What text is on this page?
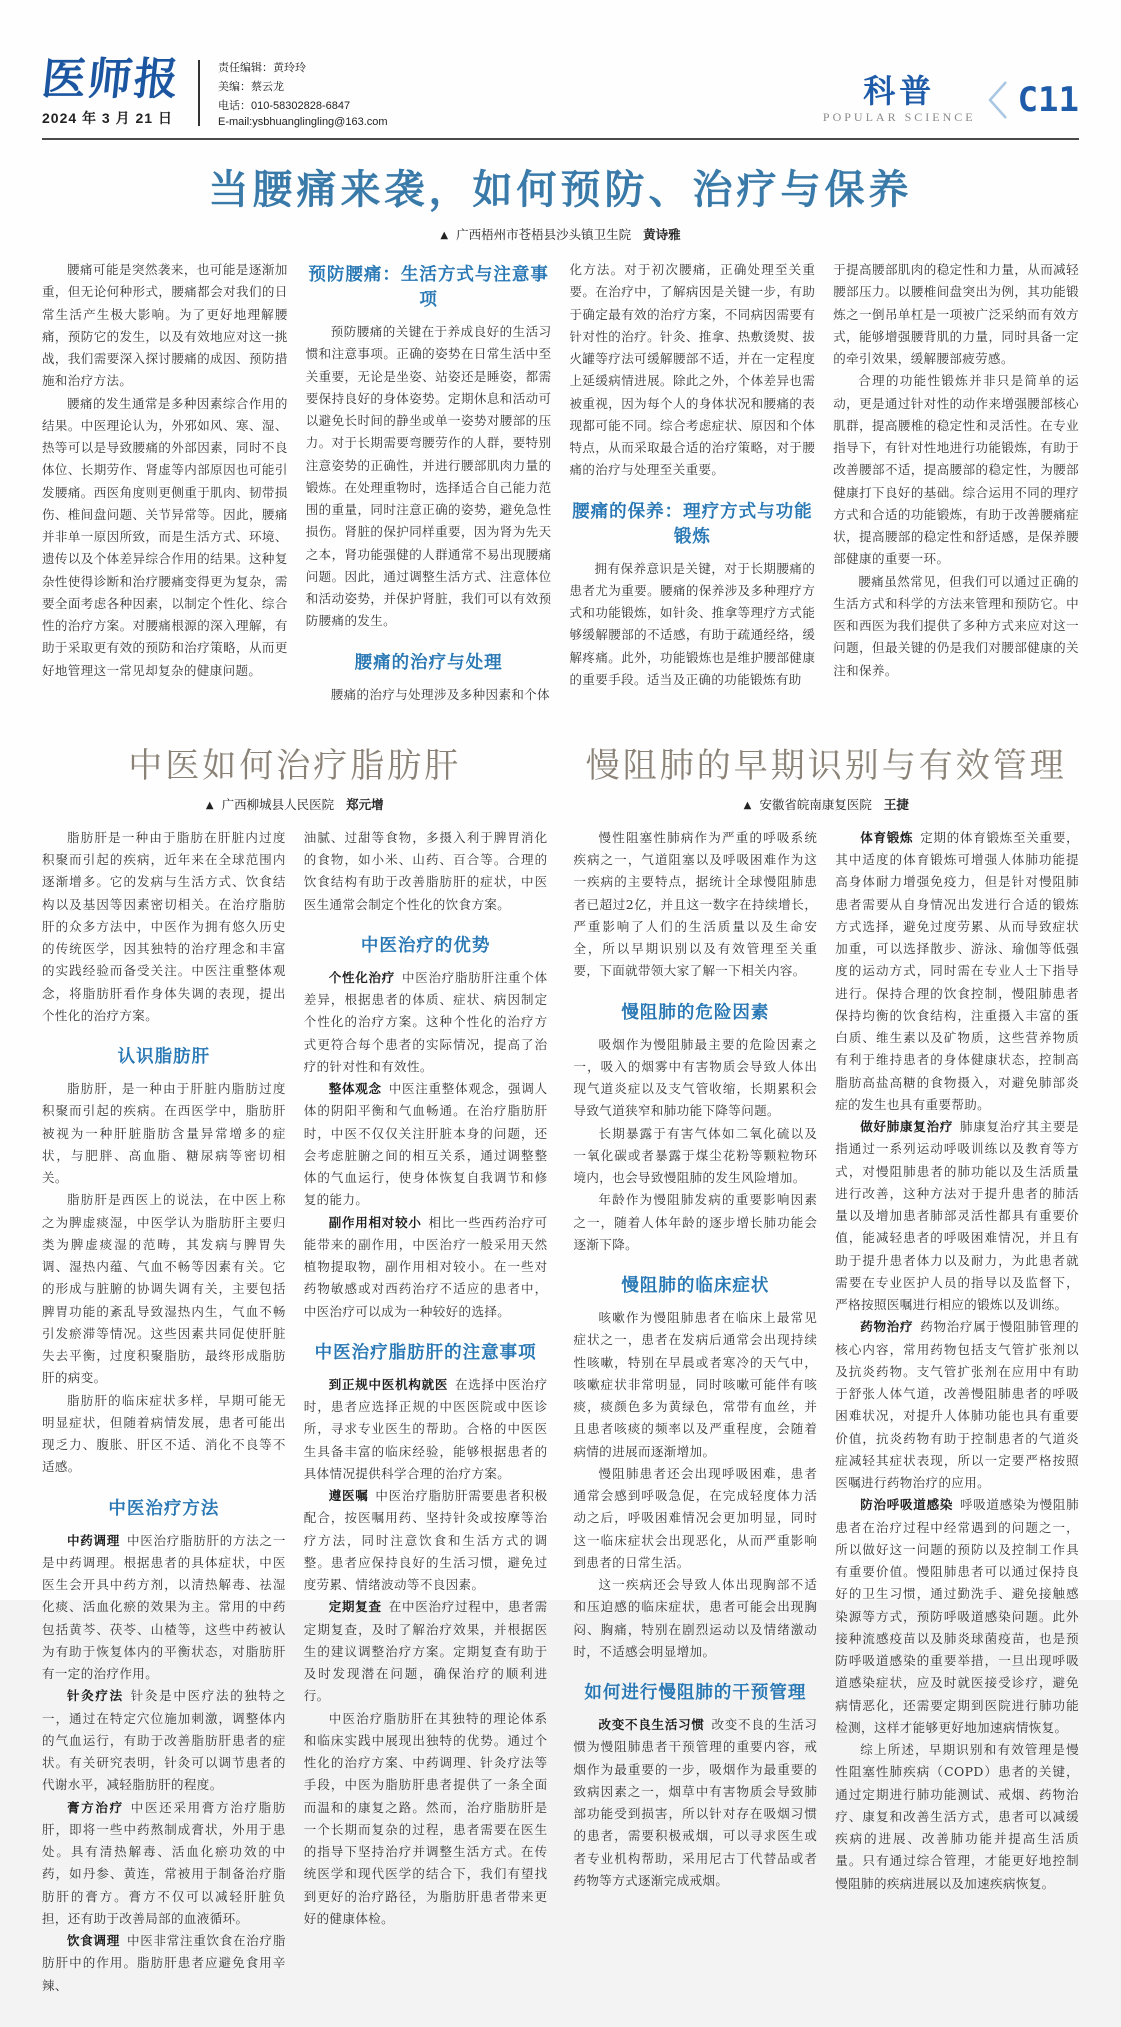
医师报
2024 年 3 月 21 日
责任编辑：黄玲玲
美编：蔡云龙
电话：010-58302828-6847
E-mail:ysbhuanglingling@163.com
科普
POPULAR SCIENCE C11
当腰痛来袭，如何预防、治疗与保养
▲ 广西梧州市苍梧县沙头镇卫生院 黄诗雅

腰痛可能是突然袭来，也可能是逐渐加重，但无论何种形式，腰痛都会对我们的日常生活产生极大影响。为了更好地理解腰痛，预防它的发生，以及有效地应对这一挑战，我们需要深入探讨腰痛的成因、预防措施和治疗方法。

腰痛的发生通常是多种因素综合作用的结果。中医理论认为，外邪如风、寒、湿、热等可以是导致腰痛的外部因素，同时不良体位、长期劳作、肾虚等内部原因也可能引发腰痛。西医角度则更侧重于肌肉、韧带损伤、椎间盘问题、关节异常等。因此，腰痛并非单一原因所致，而是生活方式、环境、遗传以及个体差异综合作用的结果。这种复杂性使得诊断和治疗腰痛变得更为复杂，需要全面考虑各种因素，以制定个性化、综合性的治疗方案。对腰痛根源的深入理解，有助于采取更有效的预防和治疗策略，从而更好地管理这一常见却复杂的健康问题。

预防腰痛：生活方式与注意事项

预防腰痛的关键在于养成良好的生活习惯和注意事项。正确的姿势在日常生活中至关重要，无论是坐姿、站姿还是睡姿，都需要保持良好的身体姿势。定期休息和活动可以避免长时间的静坐或单一姿势对腰部的压力。对于长期需要弯腰劳作的人群，要特别注意姿势的正确性，并进行腰部肌肉力量的锻炼。在处理重物时，选择适合自己能力范围的重量，同时注意正确的姿势，避免急性损伤。肾脏的保护同样重要，因为肾为先天之本，肾功能强健的人群通常不易出现腰痛问题。因此，通过调整生活方式、注意体位和活动姿势，并保护肾脏，我们可以有效预防腰痛的发生。

腰痛的治疗与处理

腰痛的治疗与处理涉及多种因素和个体

化方法。对于初次腰痛，正确处理至关重要。在治疗中，了解病因是关键一步，有助于确定最有效的治疗方案，不同病因需要有针对性的治疗。针灸、推拿、热敷烫熨、拔火罐等疗法可缓解腰部不适，并在一定程度上延缓病情进展。除此之外，个体差异也需被重视，因为每个人的身体状况和腰痛的表现都可能不同。综合考虑症状、原因和个体特点，从而采取最合适的治疗策略，对于腰痛的治疗与处理至关重要。

腰痛的保养：理疗方式与功能锻炼

拥有保养意识是关键，对于长期腰痛的患者尤为重要。腰痛的保养涉及多种理疗方式和功能锻炼，如针灸、推拿等理疗方式能够缓解腰部的不适感，有助于疏通经络，缓解疼痛。此外，功能锻炼也是维护腰部健康的重要手段。适当及正确的功能锻炼有助

于提高腰部肌肉的稳定性和力量，从而减轻腰部压力。以腰椎间盘突出为例，其功能锻炼之一倒吊单杠是一项被广泛采纳而有效方式，能够增强腰背肌的力量，同时具备一定的牵引效果，缓解腰部疲劳感。

合理的功能性锻炼并非只是简单的运动，更是通过针对性的动作来增强腰部核心肌群，提高腰椎的稳定性和灵活性。在专业指导下，有针对性地进行功能锻炼，有助于改善腰部不适，提高腰部的稳定性，为腰部健康打下良好的基础。综合运用不同的理疗方式和合适的功能锻炼，有助于改善腰痛症状，提高腰部的稳定性和舒适感，是保养腰部健康的重要一环。

腰痛虽然常见，但我们可以通过正确的生活方式和科学的方法来管理和预防它。中医和西医为我们提供了多种方式来应对这一问题，但最关键的仍是我们对腰部健康的关注和保养。

中医如何治疗脂肪肝
▲ 广西柳城县人民医院 郑元增

脂肪肝是一种由于脂肪在肝脏内过度积聚而引起的疾病，近年来在全球范围内逐渐增多。它的发病与生活方式、饮食结构以及基因等因素密切相关。在治疗脂肪肝的众多方法中，中医作为拥有悠久历史的传统医学，因其独特的治疗理念和丰富的实践经验而备受关注。中医注重整体观念，将脂肪肝看作身体失调的表现，提出个性化的治疗方案。

认识脂肪肝

脂肪肝，是一种由于肝脏内脂肪过度积聚而引起的疾病。在西医学中，脂肪肝被视为一种肝脏脂肪含量异常增多的症状，与肥胖、高血脂、糖尿病等密切相关。

脂肪肝是西医上的说法，在中医上称之为脾虚痰湿，中医学认为脂肪肝主要归类为脾虚痰湿的范畴，其发病与脾胃失调、湿热内蕴、气血不畅等因素有关。它的形成与脏腑的协调失调有关，主要包括脾胃功能的紊乱导致湿热内生，气血不畅引发瘀滞等情况。这些因素共同促使肝脏失去平衡，过度积聚脂肪，最终形成脂肪肝的病变。

脂肪肝的临床症状多样，早期可能无明显症状，但随着病情发展，患者可能出现乏力、腹胀、肝区不适、消化不良等不适感。

中医治疗方法

中药调理 中医治疗脂肪肝的方法之一是中药调理。根据患者的具体症状，中医医生会开具中药方剂，以清热解毒、祛湿化痰、活血化瘀的效果为主。常用的中药包括黄芩、茯苓、山楂等，这些中药被认为有助于恢复体内的平衡状态，对脂肪肝有一定的治疗作用。

针灸疗法 针灸是中医疗法的独特之一，通过在特定穴位施加刺激，调整体内的气血运行，有助于改善脂肪肝患者的症状。有关研究表明，针灸可以调节患者的代谢水平，减轻脂肪肝的程度。

膏方治疗 中医还采用膏方治疗脂肪肝，即将一些中药熬制成膏状，外用于患处。具有清热解毒、活血化瘀功效的中药，如丹参、黄连，常被用于制备治疗脂肪肝的膏方。膏方不仅可以减轻肝脏负担，还有助于改善局部的血液循环。

饮食调理 中医非常注重饮食在治疗脂肪肝中的作用。脂肪肝患者应避免食用辛辣、

油腻、过甜等食物，多摄入利于脾胃消化的食物，如小米、山药、百合等。合理的饮食结构有助于改善脂肪肝的症状，中医医生通常会制定个性化的饮食方案。

中医治疗的优势

个性化治疗 中医治疗脂肪肝注重个体差异，根据患者的体质、症状、病因制定个性化的治疗方案。这种个性化的治疗方式更符合每个患者的实际情况，提高了治疗的针对性和有效性。

整体观念 中医注重整体观念，强调人体的阴阳平衡和气血畅通。在治疗脂肪肝时，中医不仅仅关注肝脏本身的问题，还会考虑脏腑之间的相互关系，通过调整整体的气血运行，使身体恢复自我调节和修复的能力。

副作用相对较小 相比一些西药治疗可能带来的副作用，中医治疗一般采用天然植物提取物，副作用相对较小。在一些对药物敏感或对西药治疗不适应的患者中，中医治疗可以成为一种较好的选择。

中医治疗脂肪肝的注意事项

到正规中医机构就医 在选择中医治疗时，患者应选择正规的中医医院或中医诊所，寻求专业医生的帮助。合格的中医医生具备丰富的临床经验，能够根据患者的具体情况提供科学合理的治疗方案。

遵医嘱 中医治疗脂肪肝需要患者积极配合，按医嘱用药、坚持针灸或按摩等治疗方法，同时注意饮食和生活方式的调整。患者应保持良好的生活习惯，避免过度劳累、情绪波动等不良因素。

定期复查 在中医治疗过程中，患者需定期复查，及时了解治疗效果，并根据医生的建议调整治疗方案。定期复查有助于及时发现潜在问题，确保治疗的顺利进行。

中医治疗脂肪肝在其独特的理论体系和临床实践中展现出独特的优势。通过个性化的治疗方案、中药调理、针灸疗法等手段，中医为脂肪肝患者提供了一条全面而温和的康复之路。然而，治疗脂肪肝是一个长期而复杂的过程，患者需要在医生的指导下坚持治疗并调整生活方式。在传统医学和现代医学的结合下，我们有望找到更好的治疗路径，为脂肪肝患者带来更好的健康体检。

慢阻肺的早期识别与有效管理
▲ 安徽省皖南康复医院 王捷

慢性阻塞性肺病作为严重的呼吸系统疾病之一，气道阻塞以及呼吸困难作为这一疾病的主要特点，据统计全球慢阻肺患者已超过2亿，并且这一数字在持续增长，严重影响了人们的生活质量以及生命安全，所以早期识别以及有效管理至关重要，下面就带领大家了解一下相关内容。

慢阻肺的危险因素

吸烟作为慢阻肺最主要的危险因素之一，吸入的烟雾中有害物质会导致人体出现气道炎症以及支气管收缩，长期累积会导致气道狭窄和肺功能下降等问题。

长期暴露于有害气体如二氧化硫以及一氧化碳或者暴露于煤尘花粉等颗粒物环境内，也会导致慢阻肺的发生风险增加。

年龄作为慢阻肺发病的重要影响因素之一，随着人体年龄的逐步增长肺功能会逐渐下降。

慢阻肺的临床症状

咳嗽作为慢阻肺患者在临床上最常见症状之一，患者在发病后通常会出现持续性咳嗽，特别在早晨或者寒冷的天气中，咳嗽症状非常明显，同时咳嗽可能伴有咳痰，痰颜色多为黄绿色，常带有血丝，并且患者咳痰的频率以及严重程度，会随着病情的进展而逐渐增加。

慢阻肺患者还会出现呼吸困难，患者通常会感到呼吸急促，在完成轻度体力活动之后，呼吸困难情况会更加明显，同时这一临床症状会出现恶化，从而严重影响到患者的日常生活。

这一疾病还会导致人体出现胸部不适和压迫感的临床症状，患者可能会出现胸闷、胸痛，特别在剧烈运动以及情绪激动时，不适感会明显增加。

如何进行慢阻肺的干预管理

改变不良生活习惯 改变不良的生活习惯为慢阻肺患者干预管理的重要内容，戒烟作为最重要的一步，吸烟作为最重要的致病因素之一，烟草中有害物质会导致肺部功能受到损害，所以针对存在吸烟习惯的患者，需要积极戒烟，可以寻求医生或者专业机构帮助，采用尼古丁代替品或者药物等方式逐渐完成戒烟。

体育锻炼 定期的体育锻炼至关重要，其中适度的体育锻炼可增强人体肺功能提高身体耐力增强免疫力，但是针对慢阻肺患者需要从自身情况出发进行合适的锻炼方式选择，避免过度劳累、从而导致症状加重，可以选择散步、游泳、瑜伽等低强度的运动方式，同时需在专业人士下指导进行。保持合理的饮食控制，慢阻肺患者保持均衡的饮食结构，注重摄入丰富的蛋白质、维生素以及矿物质，这些营养物质有利于维持患者的身体健康状态，控制高脂肪高盐高糖的食物摄入，对避免肺部炎症的发生也具有重要帮助。

做好肺康复治疗 肺康复治疗其主要是指通过一系列运动呼吸训练以及教育等方式，对慢阻肺患者的肺功能以及生活质量进行改善，这种方法对于提升患者的肺活量以及增加患者肺部灵活性都具有重要价值，能减轻患者的呼吸困难情况，并且有助于提升患者体力以及耐力，为此患者就需要在专业医护人员的指导以及监督下，严格按照医嘱进行相应的锻炼以及训练。

药物治疗 药物治疗属于慢阻肺管理的核心内容，常用药物包括支气管扩张剂以及抗炎药物。支气管扩张剂在应用中有助于舒张人体气道，改善慢阻肺患者的呼吸困难状况，对提升人体肺功能也具有重要价值，抗炎药物有助于控制患者的气道炎症减轻其症状表现，所以一定要严格按照医嘱进行药物治疗的应用。

防治呼吸道感染 呼吸道感染为慢阻肺患者在治疗过程中经常遇到的问题之一，所以做好这一问题的预防以及控制工作具有重要价值。慢阻肺患者可以通过保持良好的卫生习惯，通过勤洗手、避免接触感染源等方式，预防呼吸道感染问题。此外接种流感疫苗以及肺炎球菌疫苗，也是预防呼吸道感染的重要举措，一旦出现呼吸道感染症状，应及时就医接受诊疗，避免病情恶化，还需要定期到医院进行肺功能检测，这样才能够更好地加速病情恢复。

综上所述，早期识别和有效管理是慢性阻塞性肺疾病（COPD）患者的关键，通过定期进行肺功能测试、戒烟、药物治疗、康复和改善生活方式，患者可以减缓疾病的进展、改善肺功能并提高生活质量。只有通过综合管理，才能更好地控制慢阻肺的疾病进展以及加速疾病恢复。
